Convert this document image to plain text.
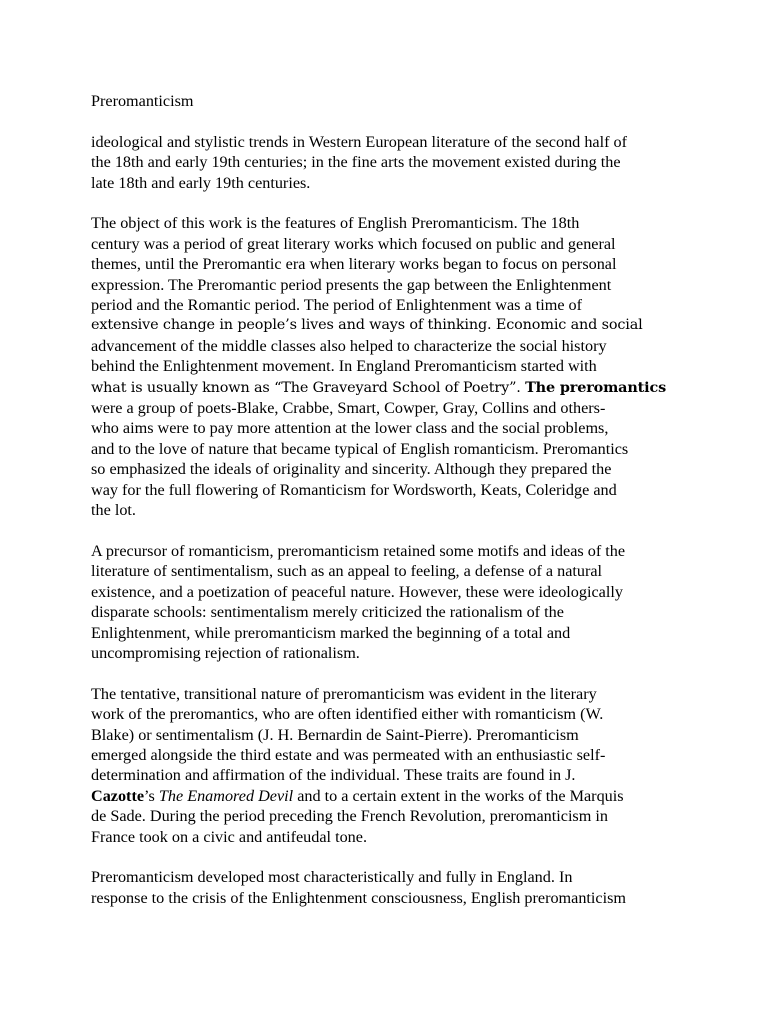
Preromanticism
ideological and stylistic trends in Western European literature of the second half of
the 18th and early 19th centuries; in the fine arts the movement existed during the
late 18th and early 19th centuries.
The object of this work is the features of English Preromanticism. The 18th
century was a period of great literary works which focused on public and general
themes, until the Preromantic era when literary works began to focus on personal
expression. The Preromantic period presents the gap between the Enlightenment
period and the Romantic period. The period of Enlightenment was a time of
extensive change in people’s lives and ways of thinking. Economic and social
advancement of the middle classes also helped to characterize the social history
behind the Enlightenment movement. In England Preromanticism started with
what is usually known as “The Graveyard School of Poetry”. The preromantics
were a group of poets-Blake, Crabbe, Smart, Cowper, Gray, Collins and others-
who aims were to pay more attention at the lower class and the social problems,
and to the love of nature that became typical of English romanticism. Preromantics
so emphasized the ideals of originality and sincerity. Although they prepared the
way for the full flowering of Romanticism for Wordsworth, Keats, Coleridge and
the lot.
A precursor of romanticism, preromanticism retained some motifs and ideas of the
literature of sentimentalism, such as an appeal to feeling, a defense of a natural
existence, and a poetization of peaceful nature. However, these were ideologically
disparate schools: sentimentalism merely criticized the rationalism of the
Enlightenment, while preromanticism marked the beginning of a total and
uncompromising rejection of rationalism.
The tentative, transitional nature of preromanticism was evident in the literary
work of the preromantics, who are often identified either with romanticism (W.
Blake) or sentimentalism (J. H. Bernardin de Saint-Pierre). Preromanticism
emerged alongside the third estate and was permeated with an enthusiastic self-
determination and affirmation of the individual. These traits are found in J.
Cazotte’s The Enamored Devil and to a certain extent in the works of the Marquis
de Sade. During the period preceding the French Revolution, preromanticism in
France took on a civic and antifeudal tone.
Preromanticism developed most characteristically and fully in England. In
response to the crisis of the Enlightenment consciousness, English preromanticism
